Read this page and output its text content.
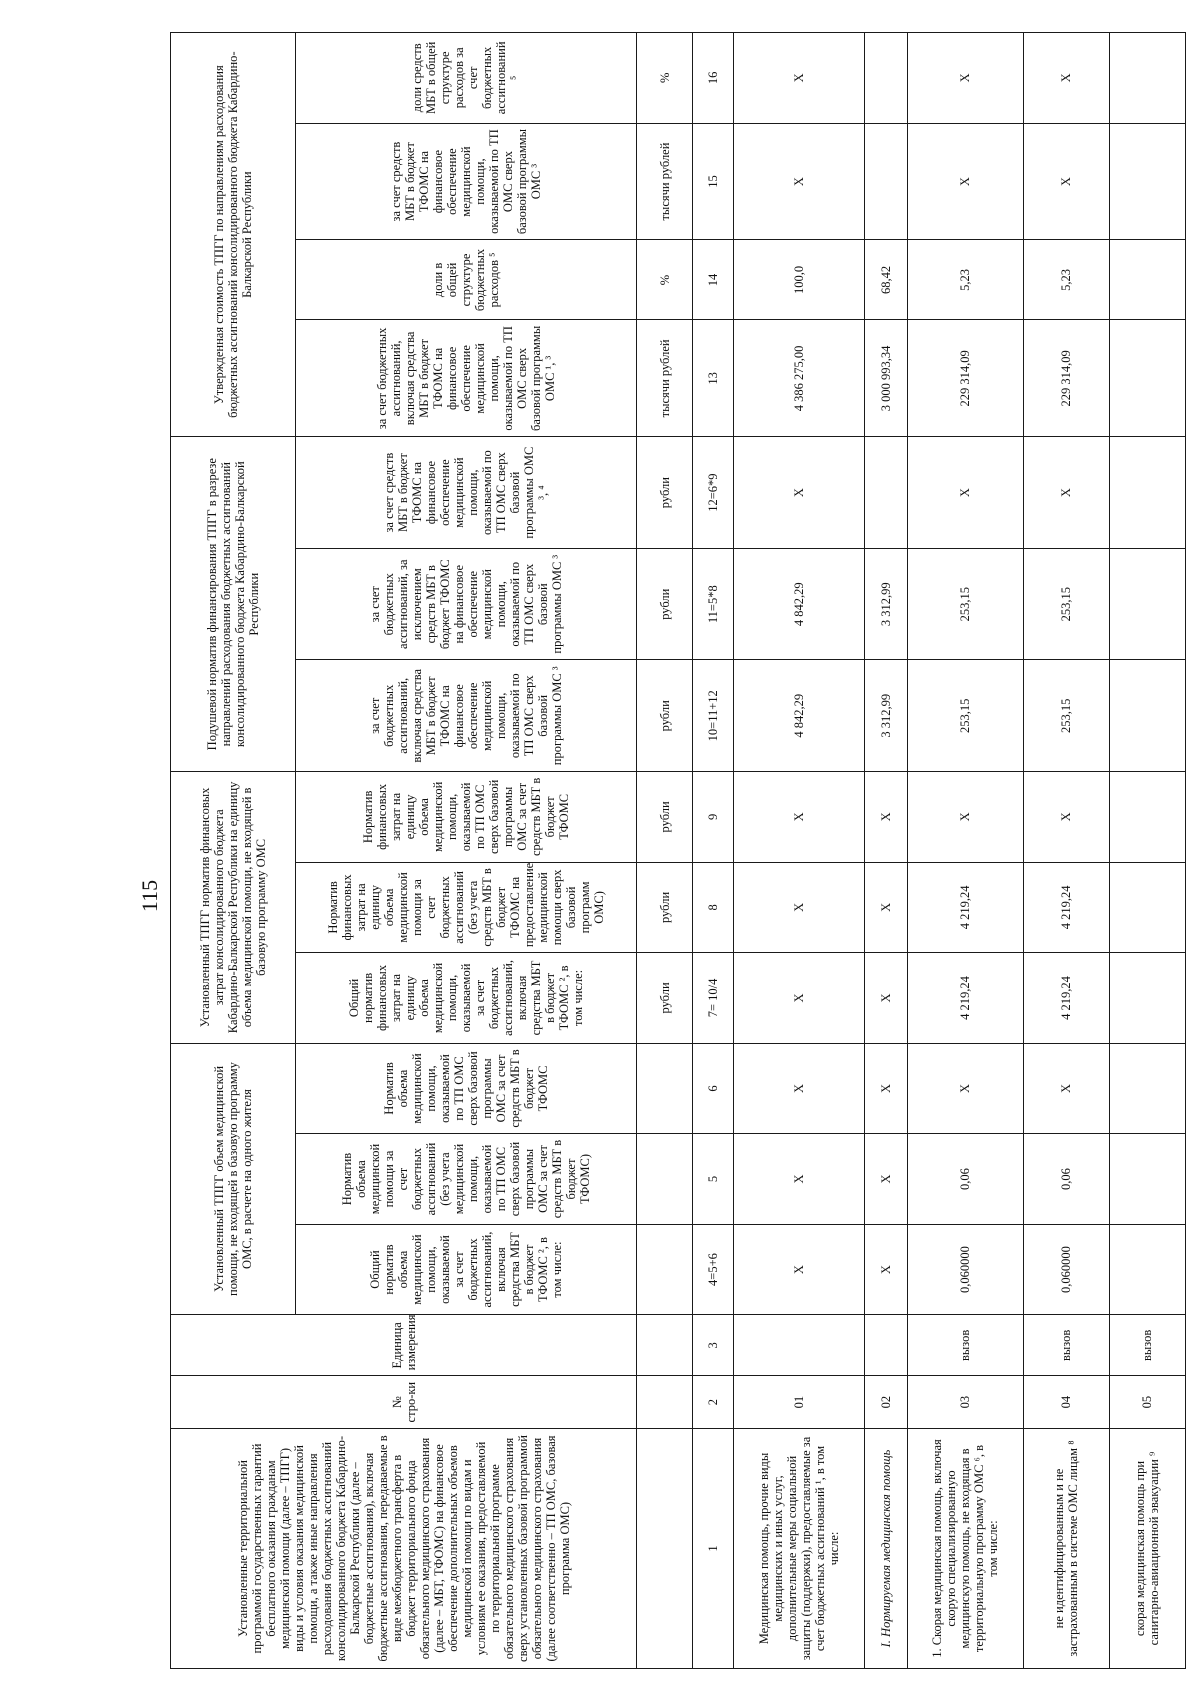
115
Установленные территориальной программой государственных гарантий бесплатного оказания гражданам медицинской помощи (далее – ТПГГ) виды и условия оказания медицинской помощи, а также иные направления расходования бюджетных ассигнований консолидированного бюджета Кабардино-Балкарской Республики (далее – бюджетные ассигнования), включая бюджетные ассигнования, передаваемые в виде межбюджетного трансферта в бюджет территориального фонда обязательного медицинского страхования (далее – МБТ, ТФОМС) на финансовое обеспечение дополнительных объемов медицинской помощи по видам и условиям ее оказания, предоставляемой по территориальной программе обязательного медицинского страхования сверх установленных базовой программой обязательного медицинского страхования (далее соответственно – ТП ОМС, базовая программа ОМС)	№ стро-ки	Единица измерения	Установленный ТПГГ объем медицинской помощи, не входящей в базовую программу ОМС, в расчете на одного жителя			Установленный ТПГГ норматив финансовых затрат консолидированного бюджета Кабардино-Балкарской Республики на единицу объема медицинской помощи, не входящей в базовую программу ОМС			Подушевой норматив финансирования ТПГГ в разрезе направлений расходования бюджетных ассигнований консолидированного бюджета Кабардино-Балкарской Республики			Утвержденная стоимость ТПГГ по направлениям расходования бюджетных ассигнований консолидированного бюджета Кабардино-Балкарской Республики			
			Общий норматив объема медицинской помощи, оказываемой за счет бюджетных ассигнований, включая средства МБТ в бюджет ТФОМС ², в том числе:	Норматив объема медицинской помощи за счет бюджетных ассигнований (без учета медицинской помощи, оказываемой по ТП ОМС сверх базовой программы ОМС за счет средств МБТ в бюджет ТФОМС)	Норматив объема медицинской помощи, оказываемой по ТП ОМС сверх базовой программы ОМС за счет средств МБТ в бюджет ТФОМС	Общий норматив финансовых затрат на единицу объема медицинской помощи, оказываемой за счет бюджетных ассигнований, включая средства МБТ в бюджет ТФОМС ², в том числе:	Норматив финансовых затрат на единицу объема медицинской помощи за счет бюджетных ассигнований (без учета средств МБТ в бюджет ТФОМС на предоставление медицинской помощи сверх базовой программ ОМС)	Норматив финансовых затрат на единицу объема медицинской помощи, оказываемой по ТП ОМС сверх базовой программы ОМС за счет средств МБТ в бюджет ТФОМС	за счет бюджетных ассигнований, включая средства МБТ в бюджет ТФОМС на финансовое обеспечение медицинской помощи, оказываемой по ТП ОМС сверх базовой программы ОМС ³	за счет бюджетных ассигнований, за исключением средств МБТ в бюджет ТФОМС на финансовое обеспечение медицинской помощи, оказываемой по ТП ОМС сверх базовой программы ОМС ³	за счет средств МБТ в бюджет ТФОМС на финансовое обеспечение медицинской помощи, оказываемой по ТП ОМС сверх базовой программы ОМС ³, ⁴	за счет бюджетных ассигнований, включая средства МБТ в бюджет ТФОМС на финансовое обеспечение медицинской помощи, оказываемой по ТП ОМС сверх базовой программы ОМС ¹, ³	доли в общей структуре бюджетных расходов ⁵	за счет средств МБТ в бюджет ТФОМС на финансовое обеспечение медицинской помощи, оказываемой по ТП ОМС сверх базовой программы ОМС ³	доли средств МБТ в общей структуре расходов за счет бюджетных ассигнований ⁵
						рубли	рубли	рубли	рубли	рубли	рубли	тысячи рублей	%	тысячи рублей	%
1	2	3	4=5+6	5	6	7= 10/4	8	9	10=11+12	11=5*8	12=6*9	13	14	15	16
Медицинская помощь, прочие виды медицинских и иных услуг, дополнительные меры социальной защиты (поддержки), предоставляемые за счет бюджетных ассигнований ¹, в том числе:	01		Х	Х	Х	Х	Х	Х	4 842,29	4 842,29	Х	4 386 275,00	100,0	Х	Х
I. Нормируемая медицинская помощь	02		Х	Х	Х	Х	Х	Х	3 312,99	3 312,99		3 000 993,34	68,42		
1. Скорая медицинская помощь, включая скорую специализированную медицинскую помощь, не входящая в территориальную программу ОМС ⁶, в том числе:	03	вызов	0,060000	0,06	Х	4 219,24	4 219,24	Х	253,15	253,15	Х	229 314,09	5,23	Х	Х
не идентифицированным и не застрахованным в системе ОМС лицам ⁸	04	вызов	0,060000	0,06	Х	4 219,24	4 219,24	Х	253,15	253,15	Х	229 314,09	5,23	Х	Х
скорая медицинская помощь при санитарно-авиационной эвакуации ⁹	05	вызов													
